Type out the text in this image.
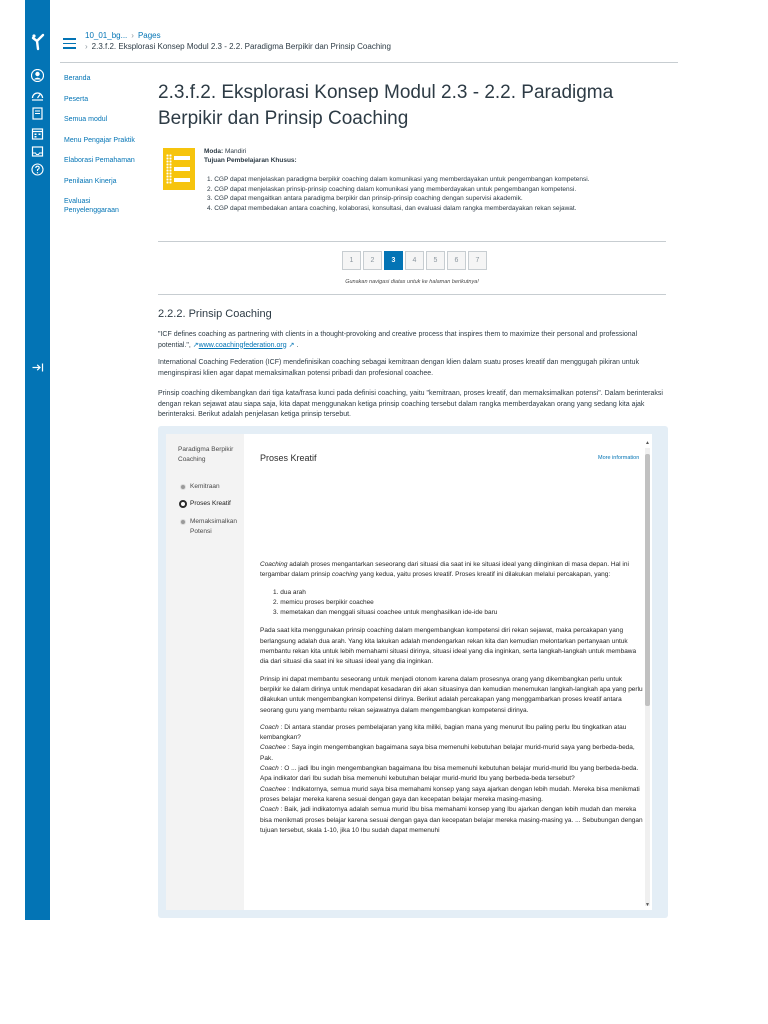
10_01_bg... › Pages
› 2.3.f.2. Eksplorasi Konsep Modul 2.3 - 2.2. Paradigma Berpikir dan Prinsip Coaching
Beranda
Peserta
Semua modul
Menu Pengajar Praktik
Elaborasi Pemahaman
Penilaian Kinerja
Evaluasi Penyelenggaraan
2.3.f.2. Eksplorasi Konsep Modul 2.3 - 2.2. Paradigma Berpikir dan Prinsip Coaching
Moda: Mandiri
Tujuan Pembelajaran Khusus:
1. CGP dapat menjelaskan paradigma berpikir coaching dalam komunikasi yang memberdayakan untuk pengembangan kompetensi.
2. CGP dapat menjelaskan prinsip-prinsip coaching dalam komunikasi yang memberdayakan untuk pengembangan kompetensi.
3. CGP dapat mengaitkan antara paradigma berpikir dan prinsip-prinsip coaching dengan supervisi akademik.
4. CGP dapat membedakan antara coaching, kolaborasi, konsultasi, dan evaluasi dalam rangka memberdayakan rekan sejawat.
1	2	3	4	5	6	7
Gunakan navigasi diatas untuk ke halaman berikutnya!
2.2.2. Prinsip Coaching

"ICF defines coaching as partnering with clients in a thought-provoking and creative process that inspires them to maximize their personal and professional potential.", ↗www.coachingfederation.org ↗ .

International Coaching Federation (ICF) mendefinisikan coaching sebagai kemitraan dengan klien dalam suatu proses kreatif dan menggugah pikiran untuk menginspirasi klien agar dapat memaksimalkan potensi pribadi dan profesional coachee.

Prinsip coaching dikembangkan dari tiga kata/frasa kunci pada definisi coaching, yaitu "kemitraan, proses kreatif, dan memaksimalkan potensi". Dalam berinteraksi dengan rekan sejawat atau siapa saja, kita dapat menggunakan ketiga prinsip coaching tersebut dalam rangka memberdayakan orang yang sedang kita ajak berinteraksi. Berikut adalah penjelasan ketiga prinsip tersebut.

Paradigma Berpikir Coaching
Kemitraan
Proses Kreatif
Memaksimalkan Potensi
Proses Kreatif	More information

Coaching adalah proses mengantarkan seseorang dari situasi dia saat ini ke situasi ideal yang diinginkan di masa depan. Hal ini tergambar dalam prinsip coaching yang kedua, yaitu proses kreatif. Proses kreatif ini dilakukan melalui percakapan, yang:

1. dua arah
2. memicu proses berpikir coachee
3. memetakan dan menggali situasi coachee untuk menghasilkan ide-ide baru

Pada saat kita menggunakan prinsip coaching dalam mengembangkan kompetensi diri rekan sejawat, maka percakapan yang berlangsung adalah dua arah. Yang kita lakukan adalah mendengarkan rekan kita dan kemudian melontarkan pertanyaan untuk membantu rekan kita untuk lebih memahami situasi dirinya, situasi ideal yang dia inginkan, serta langkah-langkah untuk membawa dia dari situasi dia saat ini ke situasi ideal yang dia inginkan.

Prinsip ini dapat membantu seseorang untuk menjadi otonom karena dalam prosesnya orang yang dikembangkan perlu untuk berpikir ke dalam dirinya untuk mendapat kesadaran diri akan situasinya dan kemudian menemukan langkah-langkah apa yang perlu dilakukan untuk mengembangkan kompetensi dirinya. Berikut adalah percakapan yang menggambarkan proses kreatif antara seorang guru yang membantu rekan sejawatnya dalam mengembangkan kompetensi dirinya.

Coach : Di antara standar proses pembelajaran yang kita miliki, bagian mana yang menurut Ibu paling perlu Ibu tingkatkan atau kembangkan?

Coachee : Saya ingin mengembangkan bagaimana saya bisa memenuhi kebutuhan belajar murid-murid saya yang berbeda-beda, Pak.

Coach : O ... jadi Ibu ingin mengembangkan bagaimana Ibu bisa memenuhi kebutuhan belajar murid-murid Ibu yang berbeda-beda. Apa indikator dari Ibu sudah bisa memenuhi kebutuhan belajar murid-murid Ibu yang berbeda-beda tersebut?

Coachee : Indikatornya, semua murid saya bisa memahami konsep yang saya ajarkan dengan lebih mudah. Mereka bisa menikmati proses belajar mereka karena sesuai dengan gaya dan kecepatan belajar mereka masing-masing.

Coach : Baik, jadi indikatornya adalah semua murid Ibu bisa memahami konsep yang Ibu ajarkan dengan lebih mudah dan mereka bisa menikmati proses belajar karena sesuai dengan gaya dan kecepatan belajar mereka masing-masing ya. ... Sebubungan dengan tujuan tersebut, skala 1-10, jika 10 Ibu sudah dapat memenuhi

▲
▼
